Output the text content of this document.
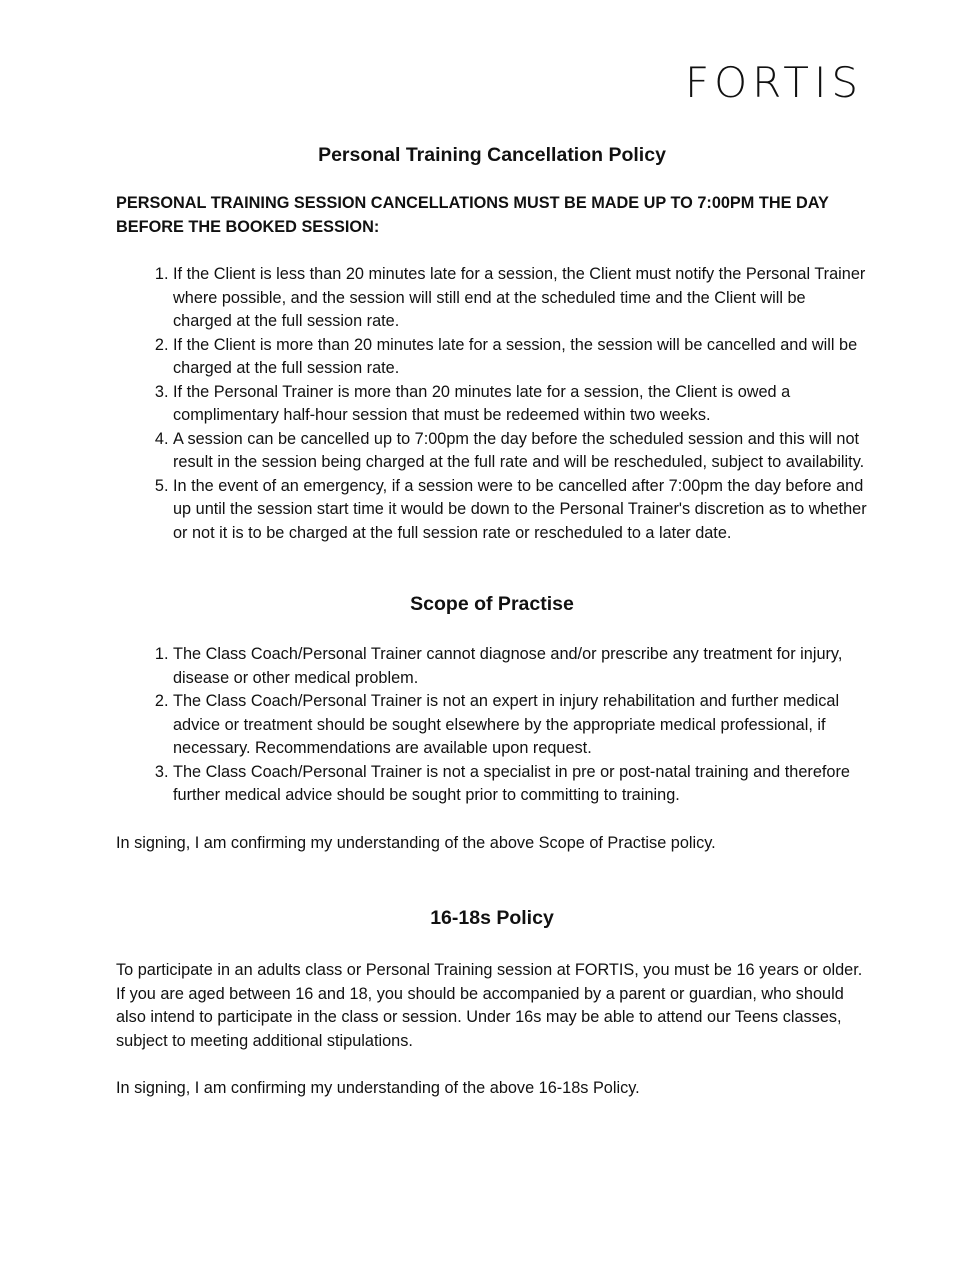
FORTIS
Personal Training Cancellation Policy

PERSONAL TRAINING SESSION CANCELLATIONS MUST BE MADE UP TO 7:00PM THE DAY BEFORE THE BOOKED SESSION:

1. If the Client is less than 20 minutes late for a session, the Client must notify the Personal Trainer where possible, and the session will still end at the scheduled time and the Client will be charged at the full session rate.
2. If the Client is more than 20 minutes late for a session, the session will be cancelled and will be charged at the full session rate.
3. If the Personal Trainer is more than 20 minutes late for a session, the Client is owed a complimentary half-hour session that must be redeemed within two weeks.
4. A session can be cancelled up to 7:00pm the day before the scheduled session and this will not result in the session being charged at the full rate and will be rescheduled, subject to availability.
5. In the event of an emergency, if a session were to be cancelled after 7:00pm the day before and up until the session start time it would be down to the Personal Trainer's discretion as to whether or not it is to be charged at the full session rate or rescheduled to a later date.
Scope of Practise
1. The Class Coach/Personal Trainer cannot diagnose and/or prescribe any treatment for injury, disease or other medical problem.
2. The Class Coach/Personal Trainer is not an expert in injury rehabilitation and further medical advice or treatment should be sought elsewhere by the appropriate medical professional, if necessary. Recommendations are available upon request.
3. The Class Coach/Personal Trainer is not a specialist in pre or post-natal training and therefore further medical advice should be sought prior to committing to training.

In signing, I am confirming my understanding of the above Scope of Practise policy.

16-18s Policy

To participate in an adults class or Personal Training session at FORTIS, you must be 16 years or older. If you are aged between 16 and 18, you should be accompanied by a parent or guardian, who should also intend to participate in the class or session. Under 16s may be able to attend our Teens classes, subject to meeting additional stipulations.

In signing, I am confirming my understanding of the above 16-18s Policy.
